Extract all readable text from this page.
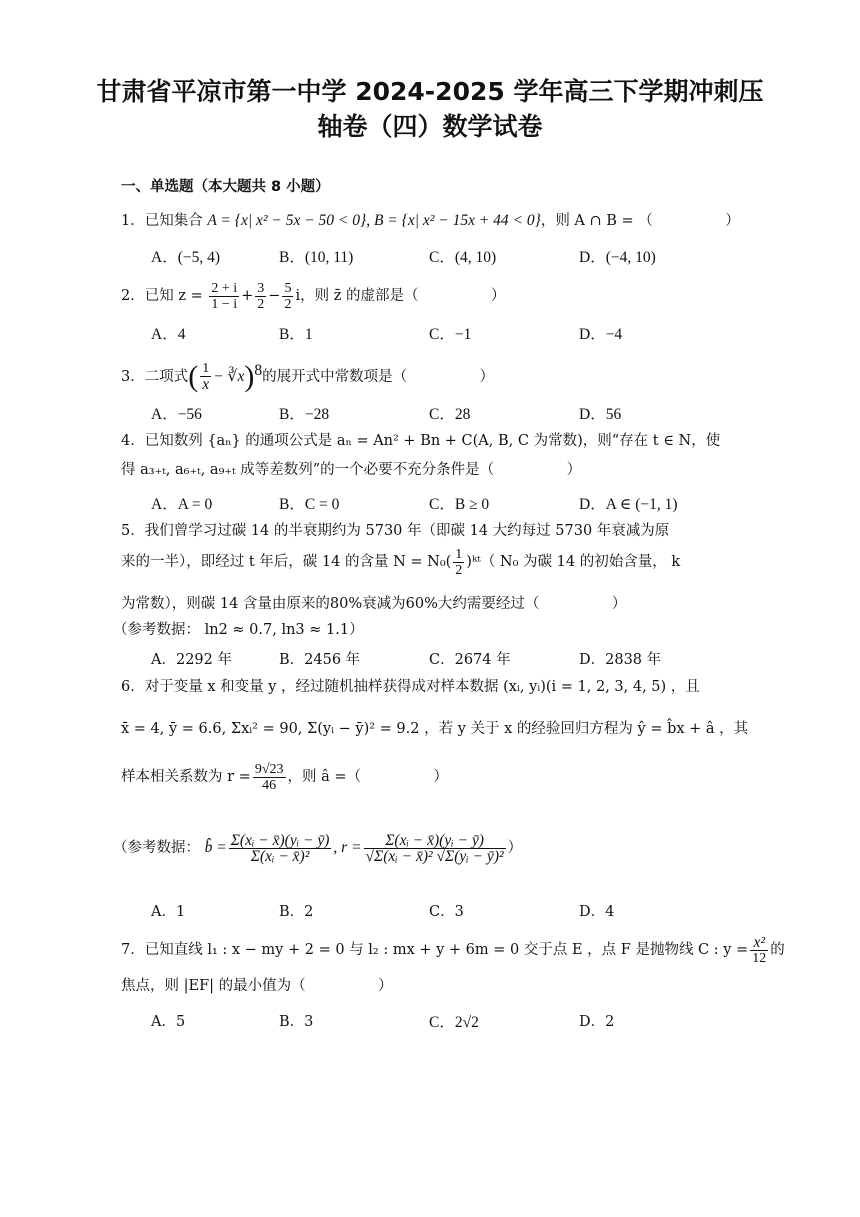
甘肃省平凉市第一中学 2024-2025 学年高三下学期冲刺压
轴卷（四）数学试卷
一、单选题（本大题共 8 小题）
1．已知集合 A = {x| x² − 5x − 50 < 0}, B = {x| x² − 15x + 44 < 0}，则 A ∩ B = （　　　　　）
A．(−5, 4)	B．(10, 11)	C．(4, 10)	D．(−4, 10)
2．已知 $z = \frac{2 + i}{1 - i} + \frac{3}{2} - \frac{5}{2}$ i，则 z̄ 的虚部是（　　　　　）
A．4	B．1	C．−1	D．−4
3．二项式( $\frac{1}{x}$ − ∛x)$^8$的展开式中常数项是（　　　　　）
A．−56	B．−28	C．28	D．56
4．已知数列 {aₙ} 的通项公式是 aₙ = An² + Bn + C(A, B, C 为常数)，则“存在 t ∈ N，使
得 a₃₊ₜ, a₆₊ₜ, a₉₊ₜ 成等差数列”的一个必要不充分条件是（　　　　　）
A．A = 0	B．C = 0	C．B ≥ 0	D．A ∈ (−1, 1)
5．我们曾学习过碳 14 的半衰期约为 5730 年（即碳 14 大约每过 5730 年衰减为原
来的一半），即经过 t 年后，碳 14 的含量 $N = N_0( \frac{1}{2}$ )ᵏᵗ（ N₀ 为碳 14 的初始含量， k
为常数），则碳 14 含量由原来的80%衰减为60%大约需要经过（　　　　　）
（参考数据： ln2 ≈ 0.7, ln3 ≈ 1.1）
A．2292 年	B．2456 年	C．2674 年	D．2838 年
6．对于变量 x 和变量 y ，经过随机抽样获得成对样本数据 (xᵢ, yᵢ)(i = 1, 2, 3, 4, 5) ，且
x̄ = 4, ȳ = 6.6, Σxᵢ² = 90, Σ(yᵢ − ȳ)² = 9.2 ，若 y 关于 x 的经验回归方程为 ŷ = b̂x + â ，其
样本相关系数为 $r = \frac{9√23}{46}$ ，则 â =（　　　　　）
（参考数据： b̂ = $\frac{\text{Σ(xᵢ − x̄)(yᵢ − ȳ)}}{\text{Σ(xᵢ − x̄)²}}$ , $r = \frac{\text{Σ(xᵢ − x̄)(yᵢ − ȳ)}}{\text{√Σ(xᵢ − x̄)² √Σ(yᵢ − ȳ)²}}$ ）
A．1	B．2	C．3	D．4
7．已知直线 l₁ : x − my + 2 = 0 与 l₂ : mx + y + 6m = 0 交于点 E ，点 F 是抛物线 C : $y = \frac{\text{x²}}{12}$ 的
焦点，则 |EF| 的最小值为（　　　　　）
A．5	B．3	C．2√2	D．2
